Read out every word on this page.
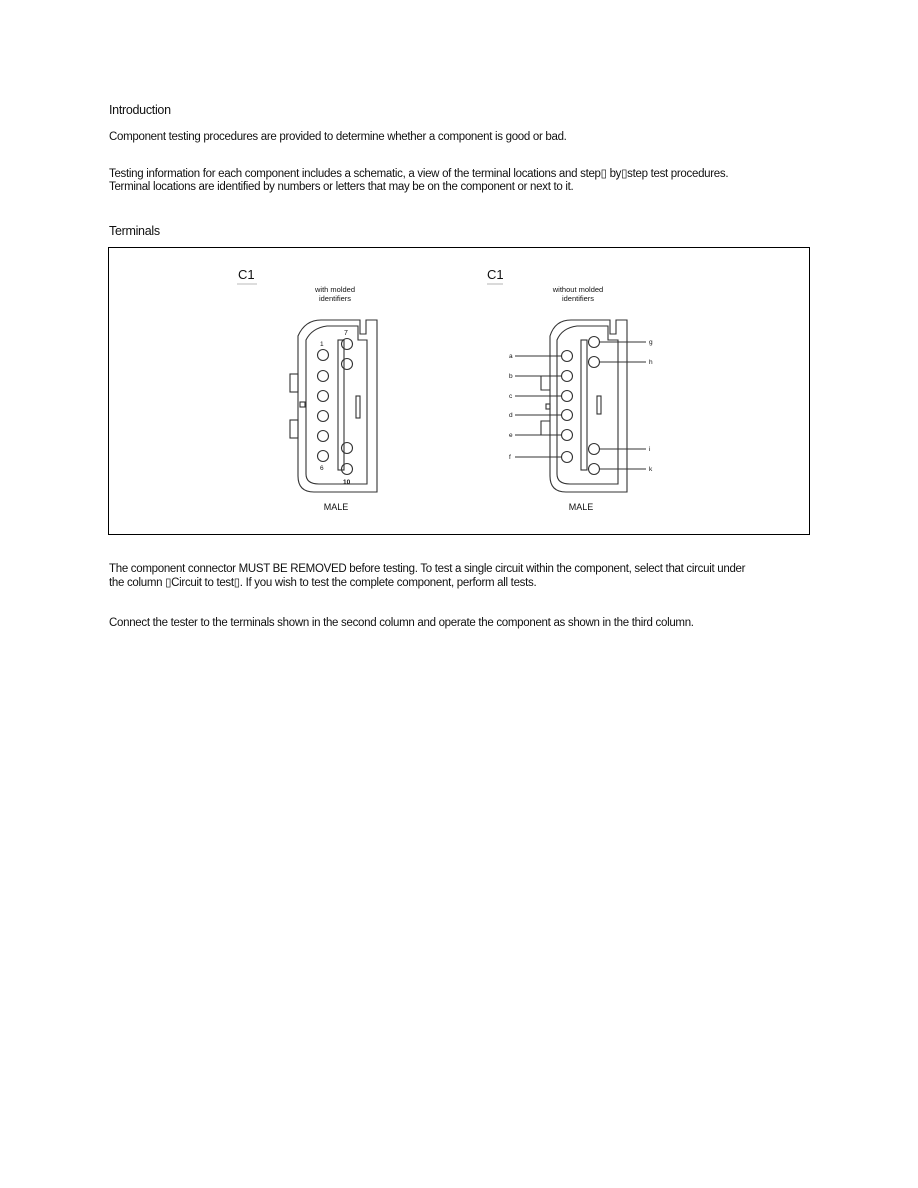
Introduction
Component testing procedures are provided to determine whether a component is good or bad.
Testing information for each component includes a schematic, a view of the terminal locations and step▯ by▯step test procedures.
Terminal locations are identified by numbers or letters that may be on the component or next to it.
Terminals
C1
with molded
identifiers
1
7
6
10
MALE
C1
without molded
identifiers
a
b
c
d
e
f
g
h
i
k
MALE
The component connector MUST BE REMOVED before testing. To test a single circuit within the component, select that circuit under
the column ▯Circuit to test▯. If you wish to test the complete component, perform all tests.
Connect the tester to the terminals shown in the second column and operate the component as shown in the third column.
